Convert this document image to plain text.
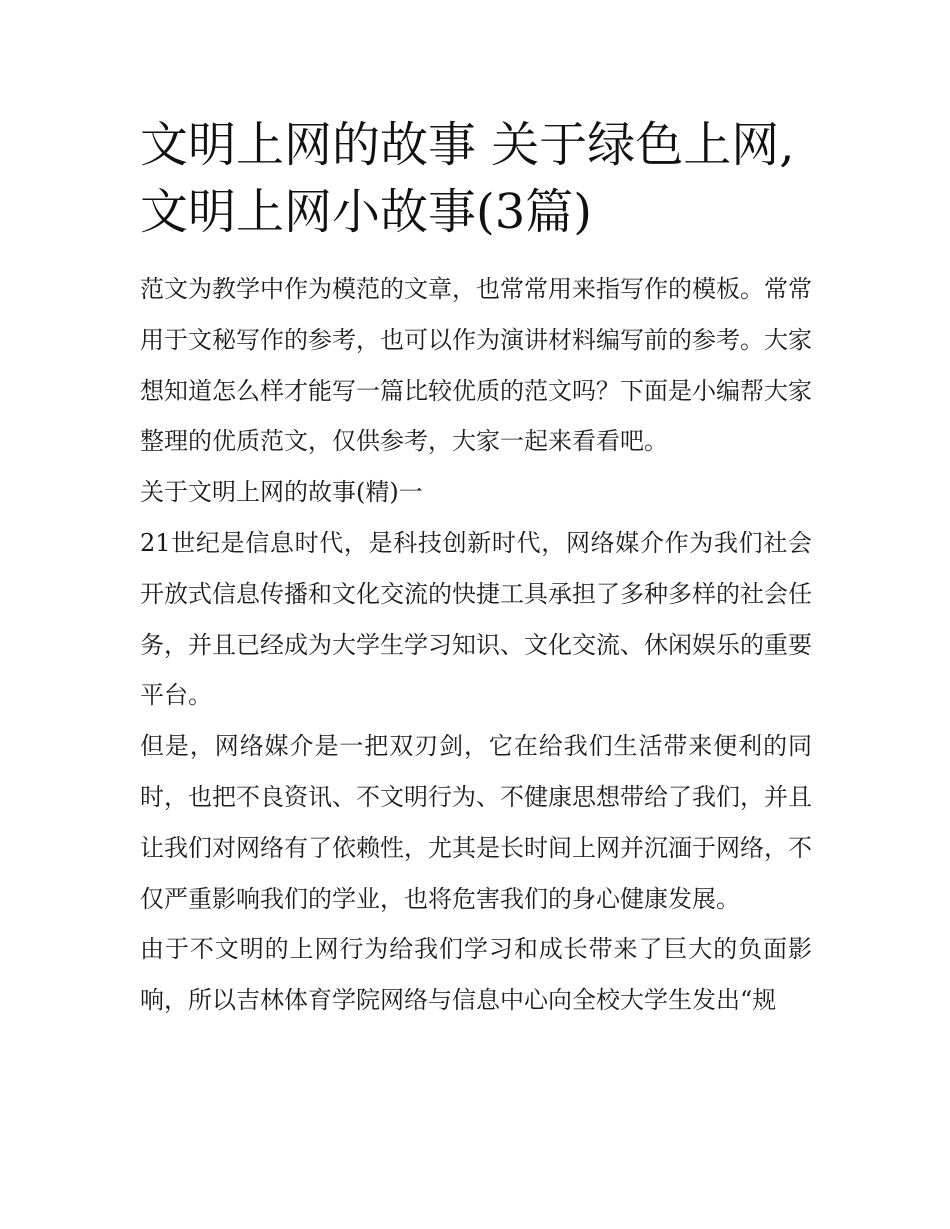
文明上网的故事 关于绿色上网,文明上网小故事(3篇)

范文为教学中作为模范的文章，也常常用来指写作的模板。常常用于文秘写作的参考，也可以作为演讲材料编写前的参考。大家想知道怎么样才能写一篇比较优质的范文吗？下面是小编帮大家整理的优质范文，仅供参考，大家一起来看看吧。

关于文明上网的故事(精)一

21世纪是信息时代，是科技创新时代，网络媒介作为我们社会开放式信息传播和文化交流的快捷工具承担了多种多样的社会任务，并且已经成为大学生学习知识、文化交流、休闲娱乐的重要平台。

但是，网络媒介是一把双刃剑，它在给我们生活带来便利的同时，也把不良资讯、不文明行为、不健康思想带给了我们，并且让我们对网络有了依赖性，尤其是长时间上网并沉湎于网络，不仅严重影响我们的学业，也将危害我们的身心健康发展。

由于不文明的上网行为给我们学习和成长带来了巨大的负面影响，所以吉林体育学院网络与信息中心向全校大学生发出“规
